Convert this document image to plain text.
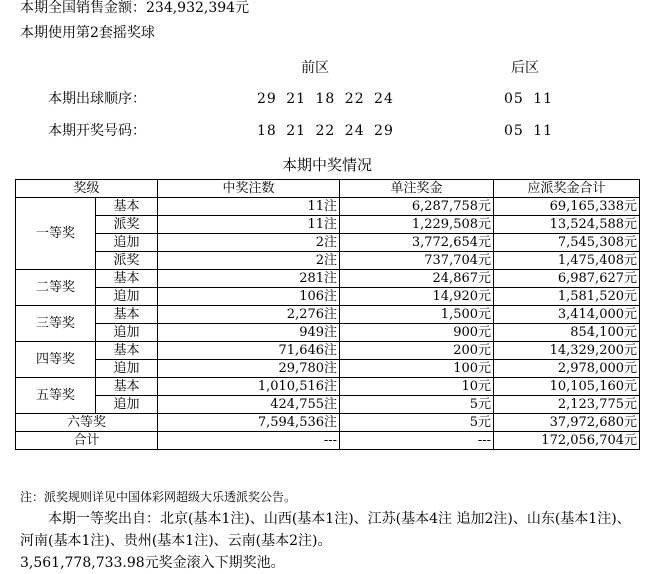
本期全国销售金额：234,932,394元
本期使用第2套摇奖球
前区	后区
本期出球顺序：	29 21 18 22 24	05 11
本期开奖号码：	18 21 22 24 29	05 11
本期中奖情况
奖级		中奖注数	单注奖金	应派奖金合计
一等奖	基本	11注	6,287,758元	69,165,338元
	派奖	11注	1,229,508元	13,524,588元
	追加	2注	3,772,654元	7,545,308元
	派奖	2注	737,704元	1,475,408元
二等奖	基本	281注	24,867元	6,987,627元
	追加	106注	14,920元	1,581,520元
三等奖	基本	2,276注	1,500元	3,414,000元
	追加	949注	900元	854,100元
四等奖	基本	71,646注	200元	14,329,200元
	追加	29,780注	100元	2,978,000元
五等奖	基本	1,010,516注	10元	10,105,160元
	追加	424,755注	5元	2,123,775元
六等奖		7,594,536注	5元	37,972,680元
合计		---	---	172,056,704元
注：派奖规则详见中国体彩网超级大乐透派奖公告。
本期一等奖出自：北京(基本1注)、山西(基本1注)、江苏(基本4注 追加2注)、山东(基本1注)、河南(基本1注)、贵州(基本1注)、云南(基本2注)。
3,561,778,733.98元奖金滚入下期奖池。
